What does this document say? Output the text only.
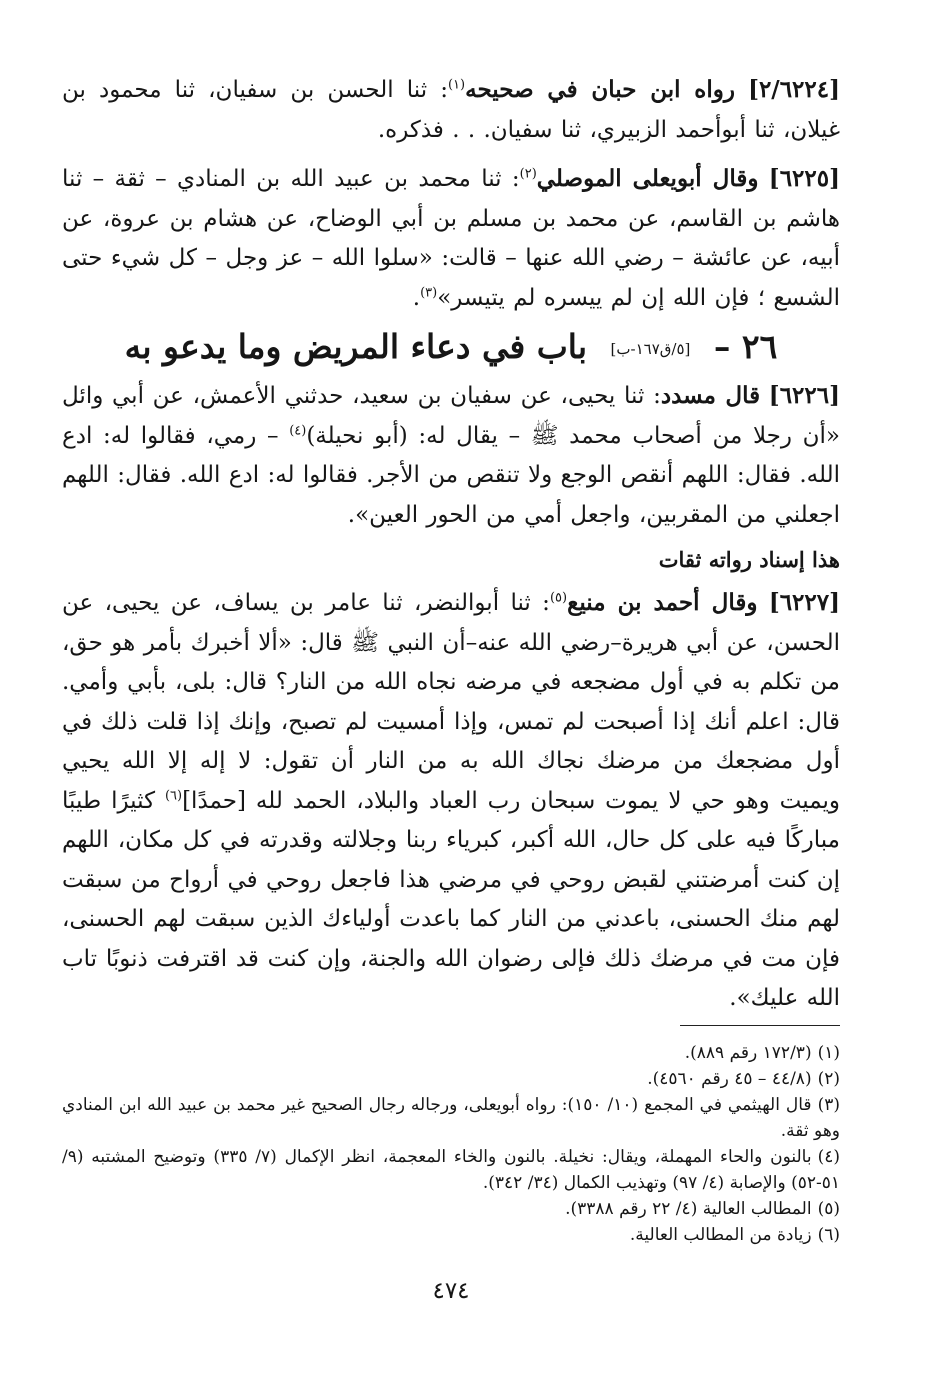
[٢/٦٢٢٤] رواه ابن حبان في صحيحه$^{(١)}$: ثنا الحسن بن سفيان، ثنا محمود بن غيلان، ثنا أبوأحمد الزبيري، ثنا سفيان. . . فذكره.

[٦٢٢٥] وقال أبويعلى الموصلي$^{(٢)}$: ثنا محمد بن عبيد الله بن المنادي – ثقة – ثنا هاشم بن القاسم، عن محمد بن مسلم بن أبي الوضاح، عن هشام بن عروة، عن أبيه، عن عائشة – رضي الله عنها – قالت: «سلوا الله – عز وجل – كل شيء حتى الشسع ؛ فإن الله إن لم ييسره لم يتيسر»$^{(٣)}$.

٢٦ – [٥/ق١٦٧-ب] باب في دعاء المريض وما يدعو به

[٦٢٢٦] قال مسدد: ثنا يحيى، عن سفيان بن سعيد، حدثني الأعمش، عن أبي وائل «أن رجلا من أصحاب محمد ﷺ – يقال له: (أبو نحيلة)$^{(٤)}$ – رمي، فقالوا له: ادع الله. فقال: اللهم أنقص الوجع ولا تنقص من الأجر. فقالوا له: ادع الله. فقال: اللهم اجعلني من المقربين، واجعل أمي من الحور العين».

هذا إسناد رواته ثقات

[٦٢٢٧] وقال أحمد بن منيع$^{(٥)}$: ثنا أبوالنضر، ثنا عامر بن يساف، عن يحيى، عن الحسن، عن أبي هريرة–رضي الله عنه–أن النبي ﷺ قال: «ألا أخبرك بأمر هو حق، من تكلم به في أول مضجعه في مرضه نجاه الله من النار؟ قال: بلى، بأبي وأمي. قال: اعلم أنك إذا أصبحت لم تمس، وإذا أمسيت لم تصبح، وإنك إذا قلت ذلك في أول مضجعك من مرضك نجاك الله به من النار أن تقول: لا إله إلا الله يحيي ويميت وهو حي لا يموت سبحان رب العباد والبلاد، الحمد لله [حمدًا]$^{(٦)}$ كثيرًا طيبًا مباركًا فيه على كل حال، الله أكبر، كبرياء ربنا وجلالته وقدرته في كل مكان، اللهم إن كنت أمرضتني لقبض روحي في مرضي هذا فاجعل روحي في أرواح من سبقت لهم منك الحسنى، باعدني من النار كما باعدت أولياءك الذين سبقت لهم الحسنى، فإن مت في مرضك ذلك فإلى رضوان الله والجنة، وإن كنت قد اقترفت ذنوبًا تاب الله عليك».

(١)(١٧٢/٣ رقم ٨٨٩).

(٢)(٤٤/٨ – ٤٥ رقم ٤٥٦٠).

(٣)قال الهيثمي في المجمع (١٠/ ١٥٠): رواه أبويعلى، ورجاله رجال الصحيح غير محمد بن عبيد الله ابن المنادي وهو ثقة.

(٤)بالنون والحاء المهملة، ويقال: نخيلة. بالنون والخاء المعجمة، انظر الإكمال (٧/ ٣٣٥) وتوضيح المشتبه (٩/ ٥١-٥٢) والإصابة (٤/ ٩٧) وتهذيب الكمال (٣٤/ ٣٤٢).

(٥)المطالب العالية (٤/ ٢٢ رقم ٣٣٨٨).

(٦)زيادة من المطالب العالية.

٤٧٤
